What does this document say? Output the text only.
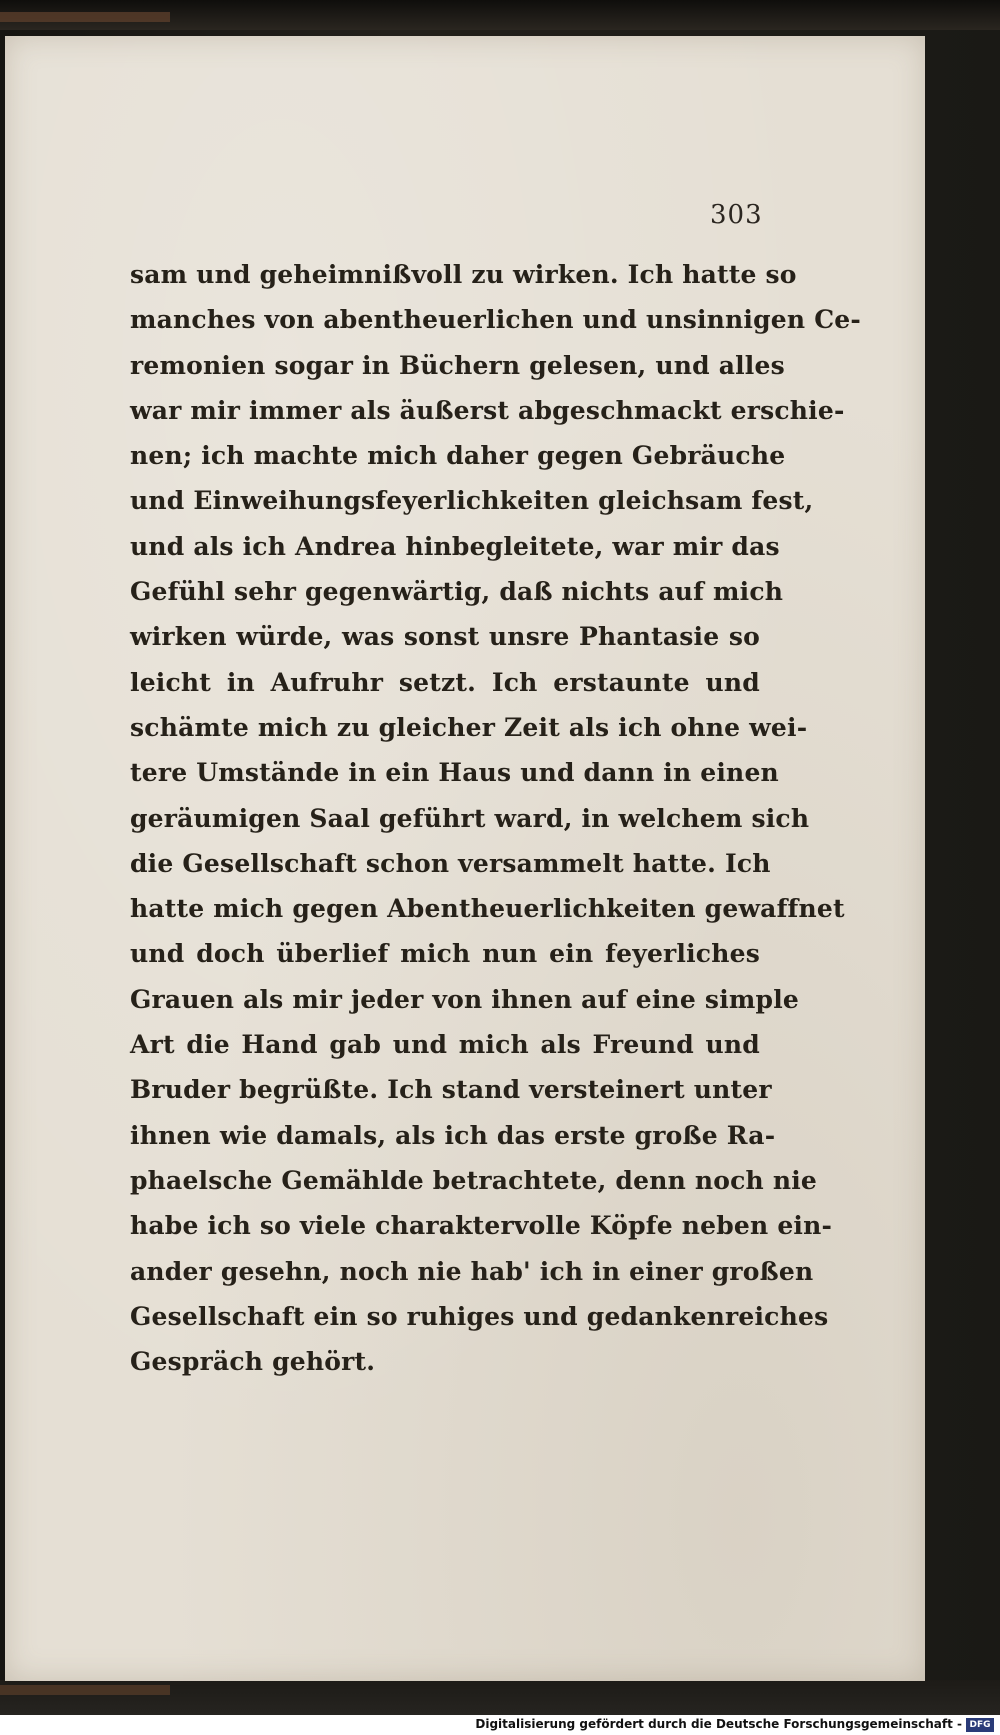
303
sam und geheimnißvoll zu wirken. Ich hatte so
manches von abentheuerlichen und unsinnigen Ce-
remonien sogar in Büchern gelesen, und alles
war mir immer als äußerst abgeschmackt erschie-
nen; ich machte mich daher gegen Gebräuche
und Einweihungsfeyerlichkeiten gleichsam fest,
und als ich Andrea hinbegleitete, war mir das
Gefühl sehr gegenwärtig, daß nichts auf mich
wirken würde, was sonst unsre Phantasie so
leicht in Aufruhr setzt. Ich erstaunte und
schämte mich zu gleicher Zeit als ich ohne wei-
tere Umstände in ein Haus und dann in einen
geräumigen Saal geführt ward, in welchem sich
die Gesellschaft schon versammelt hatte. Ich
hatte mich gegen Abentheuerlichkeiten gewaffnet
und doch überlief mich nun ein feyerliches
Grauen als mir jeder von ihnen auf eine simple
Art die Hand gab und mich als Freund und
Bruder begrüßte. Ich stand versteinert unter
ihnen wie damals, als ich das erste große Ra-
phaelsche Gemählde betrachtete, denn noch nie
habe ich so viele charaktervolle Köpfe neben ein-
ander gesehn, noch nie hab' ich in einer großen
Gesellschaft ein so ruhiges und gedankenreiches
Gespräch gehört.
Digitalisierung gefördert durch die Deutsche Forschungsgemeinschaft - DFG
